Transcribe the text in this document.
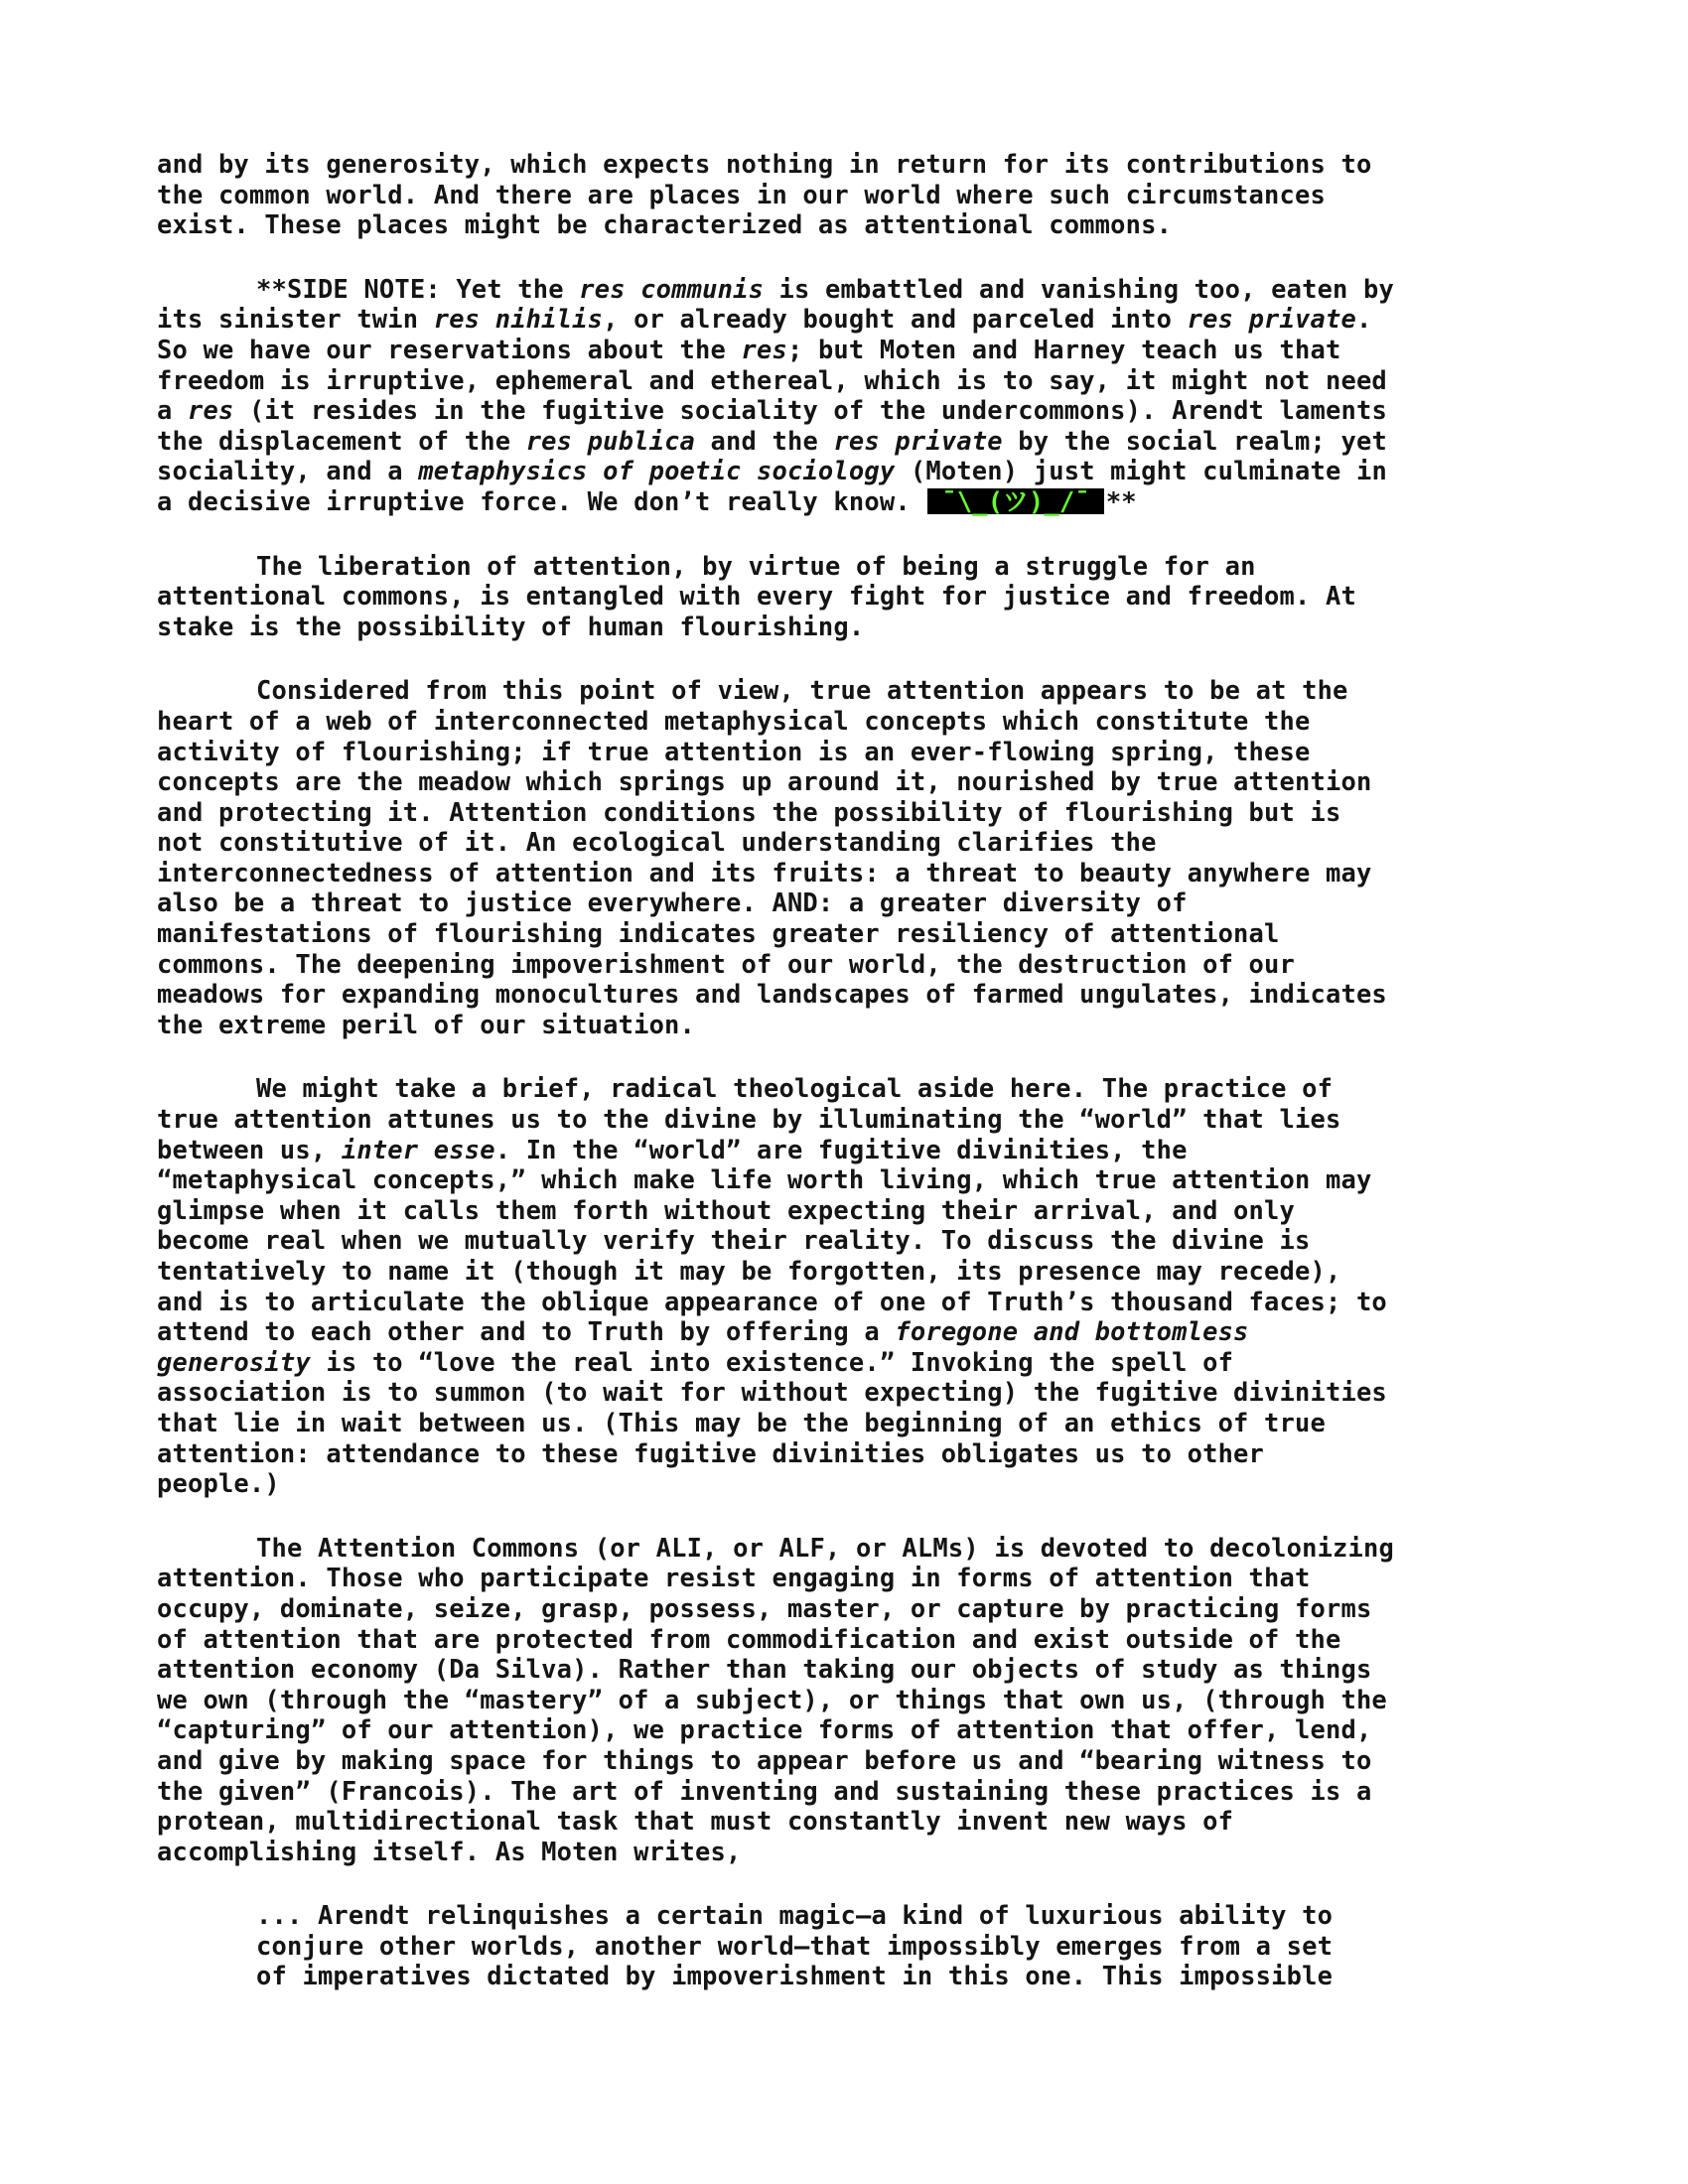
and by its generosity, which expects nothing in return for its contributions to
the common world. And there are places in our world where such circumstances
exist. These places might be characterized as attentional commons.
**SIDE NOTE: Yet the res communis is embattled and vanishing too, eaten by
its sinister twin res nihilis, or already bought and parceled into res private.
So we have our reservations about the res; but Moten and Harney teach us that
freedom is irruptive, ephemeral and ethereal, which is to say, it might not need
a res (it resides in the fugitive sociality of the undercommons). Arendt laments
the displacement of the res publica and the res private by the social realm; yet
sociality, and a metaphysics of poetic sociology (Moten) just might culminate in
a decisive irruptive force. We don’t really know. ¯\_(ツ)_/¯ **
The liberation of attention, by virtue of being a struggle for an
attentional commons, is entangled with every fight for justice and freedom. At
stake is the possibility of human flourishing.
Considered from this point of view, true attention appears to be at the
heart of a web of interconnected metaphysical concepts which constitute the
activity of flourishing; if true attention is an ever-flowing spring, these
concepts are the meadow which springs up around it, nourished by true attention
and protecting it. Attention conditions the possibility of flourishing but is
not constitutive of it. An ecological understanding clarifies the
interconnectedness of attention and its fruits: a threat to beauty anywhere may
also be a threat to justice everywhere. AND: a greater diversity of
manifestations of flourishing indicates greater resiliency of attentional
commons. The deepening impoverishment of our world, the destruction of our
meadows for expanding monocultures and landscapes of farmed ungulates, indicates
the extreme peril of our situation.
We might take a brief, radical theological aside here. The practice of
true attention attunes us to the divine by illuminating the “world” that lies
between us, inter esse. In the “world” are fugitive divinities, the
“metaphysical concepts,” which make life worth living, which true attention may
glimpse when it calls them forth without expecting their arrival, and only
become real when we mutually verify their reality. To discuss the divine is
tentatively to name it (though it may be forgotten, its presence may recede),
and is to articulate the oblique appearance of one of Truth’s thousand faces; to
attend to each other and to Truth by offering a foregone and bottomless
generosity is to “love the real into existence.” Invoking the spell of
association is to summon (to wait for without expecting) the fugitive divinities
that lie in wait between us. (This may be the beginning of an ethics of true
attention: attendance to these fugitive divinities obligates us to other
people.)
The Attention Commons (or ALI, or ALF, or ALMs) is devoted to decolonizing
attention. Those who participate resist engaging in forms of attention that
occupy, dominate, seize, grasp, possess, master, or capture by practicing forms
of attention that are protected from commodification and exist outside of the
attention economy (Da Silva). Rather than taking our objects of study as things
we own (through the “mastery” of a subject), or things that own us, (through the
“capturing” of our attention), we practice forms of attention that offer, lend,
and give by making space for things to appear before us and “bearing witness to
the given” (Francois). The art of inventing and sustaining these practices is a
protean, multidirectional task that must constantly invent new ways of
accomplishing itself. As Moten writes,
... Arendt relinquishes a certain magic—a kind of luxurious ability to
conjure other worlds, another world—that impossibly emerges from a set
of imperatives dictated by impoverishment in this one. This impossible
